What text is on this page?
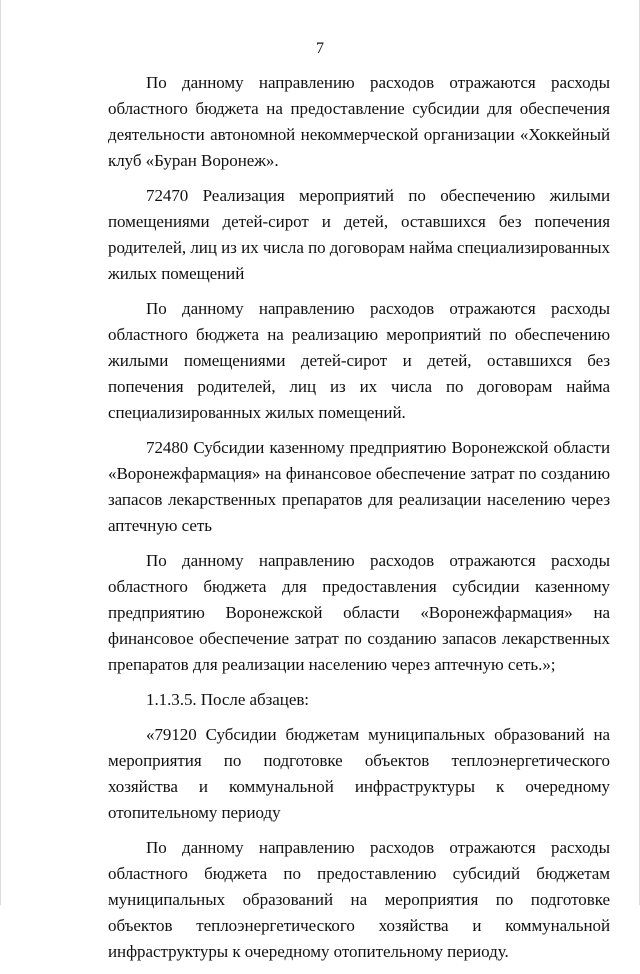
7

По данному направлению расходов отражаются расходы областного бюджета на предоставление субсидии для обеспечения деятельности автономной некоммерческой организации «Хоккейный клуб «Буран Воронеж».

72470 Реализация мероприятий по обеспечению жилыми помещениями детей-сирот и детей, оставшихся без попечения родителей, лиц из их числа по договорам найма специализированных жилых помещений

По данному направлению расходов отражаются расходы областного бюджета на реализацию мероприятий по обеспечению жилыми помещениями детей-сирот и детей, оставшихся без попечения родителей, лиц из их числа по договорам найма специализированных жилых помещений.

72480 Субсидии казенному предприятию Воронежской области «Воронежфармация» на финансовое обеспечение затрат по созданию запасов лекарственных препаратов для реализации населению через аптечную сеть

По данному направлению расходов отражаются расходы областного бюджета для предоставления субсидии казенному предприятию Воронежской области «Воронежфармация» на финансовое обеспечение затрат по созданию запасов лекарственных препаратов для реализации населению через аптечную сеть.»;

1.1.3.5. После абзацев:

«79120 Субсидии бюджетам муниципальных образований на мероприятия по подготовке объектов теплоэнергетического хозяйства и коммунальной инфраструктуры к очередному отопительному периоду

По данному направлению расходов отражаются расходы областного бюджета по предоставлению субсидий бюджетам муниципальных образований на мероприятия по подготовке объектов теплоэнергетического хозяйства и коммунальной инфраструктуры к очередному отопительному периоду.
